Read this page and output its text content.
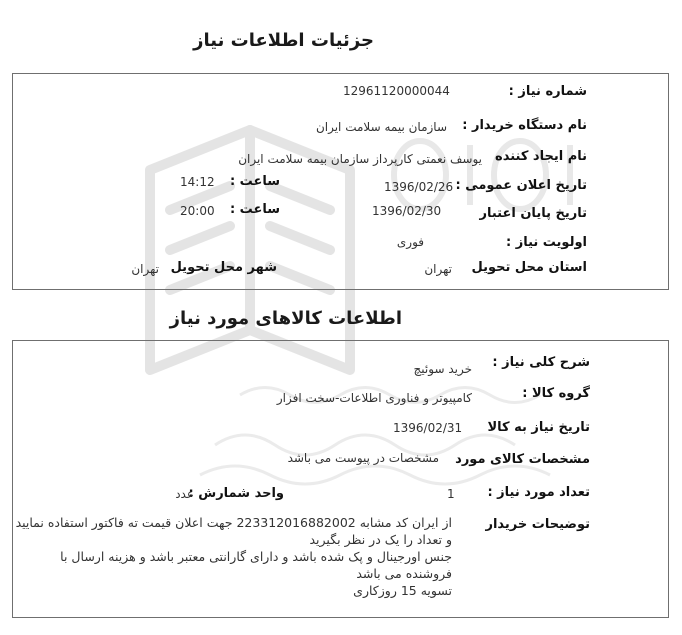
جزئیات اطلاعات نیاز
شماره نیاز :
12961120000044
نام دستگاه خریدار :
سازمان بیمه سلامت ایران
نام ایجاد کننده
یوسف نعمتی کارپرداز سازمان بیمه سلامت ایران
تاریخ اعلان عمومی :
1396/02/26
ساعت :
14:12
تاریخ پایان اعتبار
1396/02/30
ساعت :
20:00
اولویت نیاز :
فوری
استان محل تحویل
تهران
شهر محل تحویل
تهران
اطلاعات کالاهای مورد نیاز
شرح کلی نیاز :
خرید سوئیچ
گروه کالا :
کامپیوتر و فناوری اطلاعات-سخت افزار
تاریخ نیاز به کالا
1396/02/31
مشخصات کالای مورد
مشخصات در پیوست می باشد
تعداد مورد نیاز :
1
واحد شمارش :
عدد
توضیحات خریدار
از ایران کد مشابه 223312016882002 جهت اعلان قیمت ته فاکتور استفاده نمایید
و تعداد را یک در نظر بگیرید
جنس اورجینال و پک شده باشد و دارای گارانتی معتبر باشد و هزینه ارسال با
فروشنده می باشد
تسویه 15 روزکاری
